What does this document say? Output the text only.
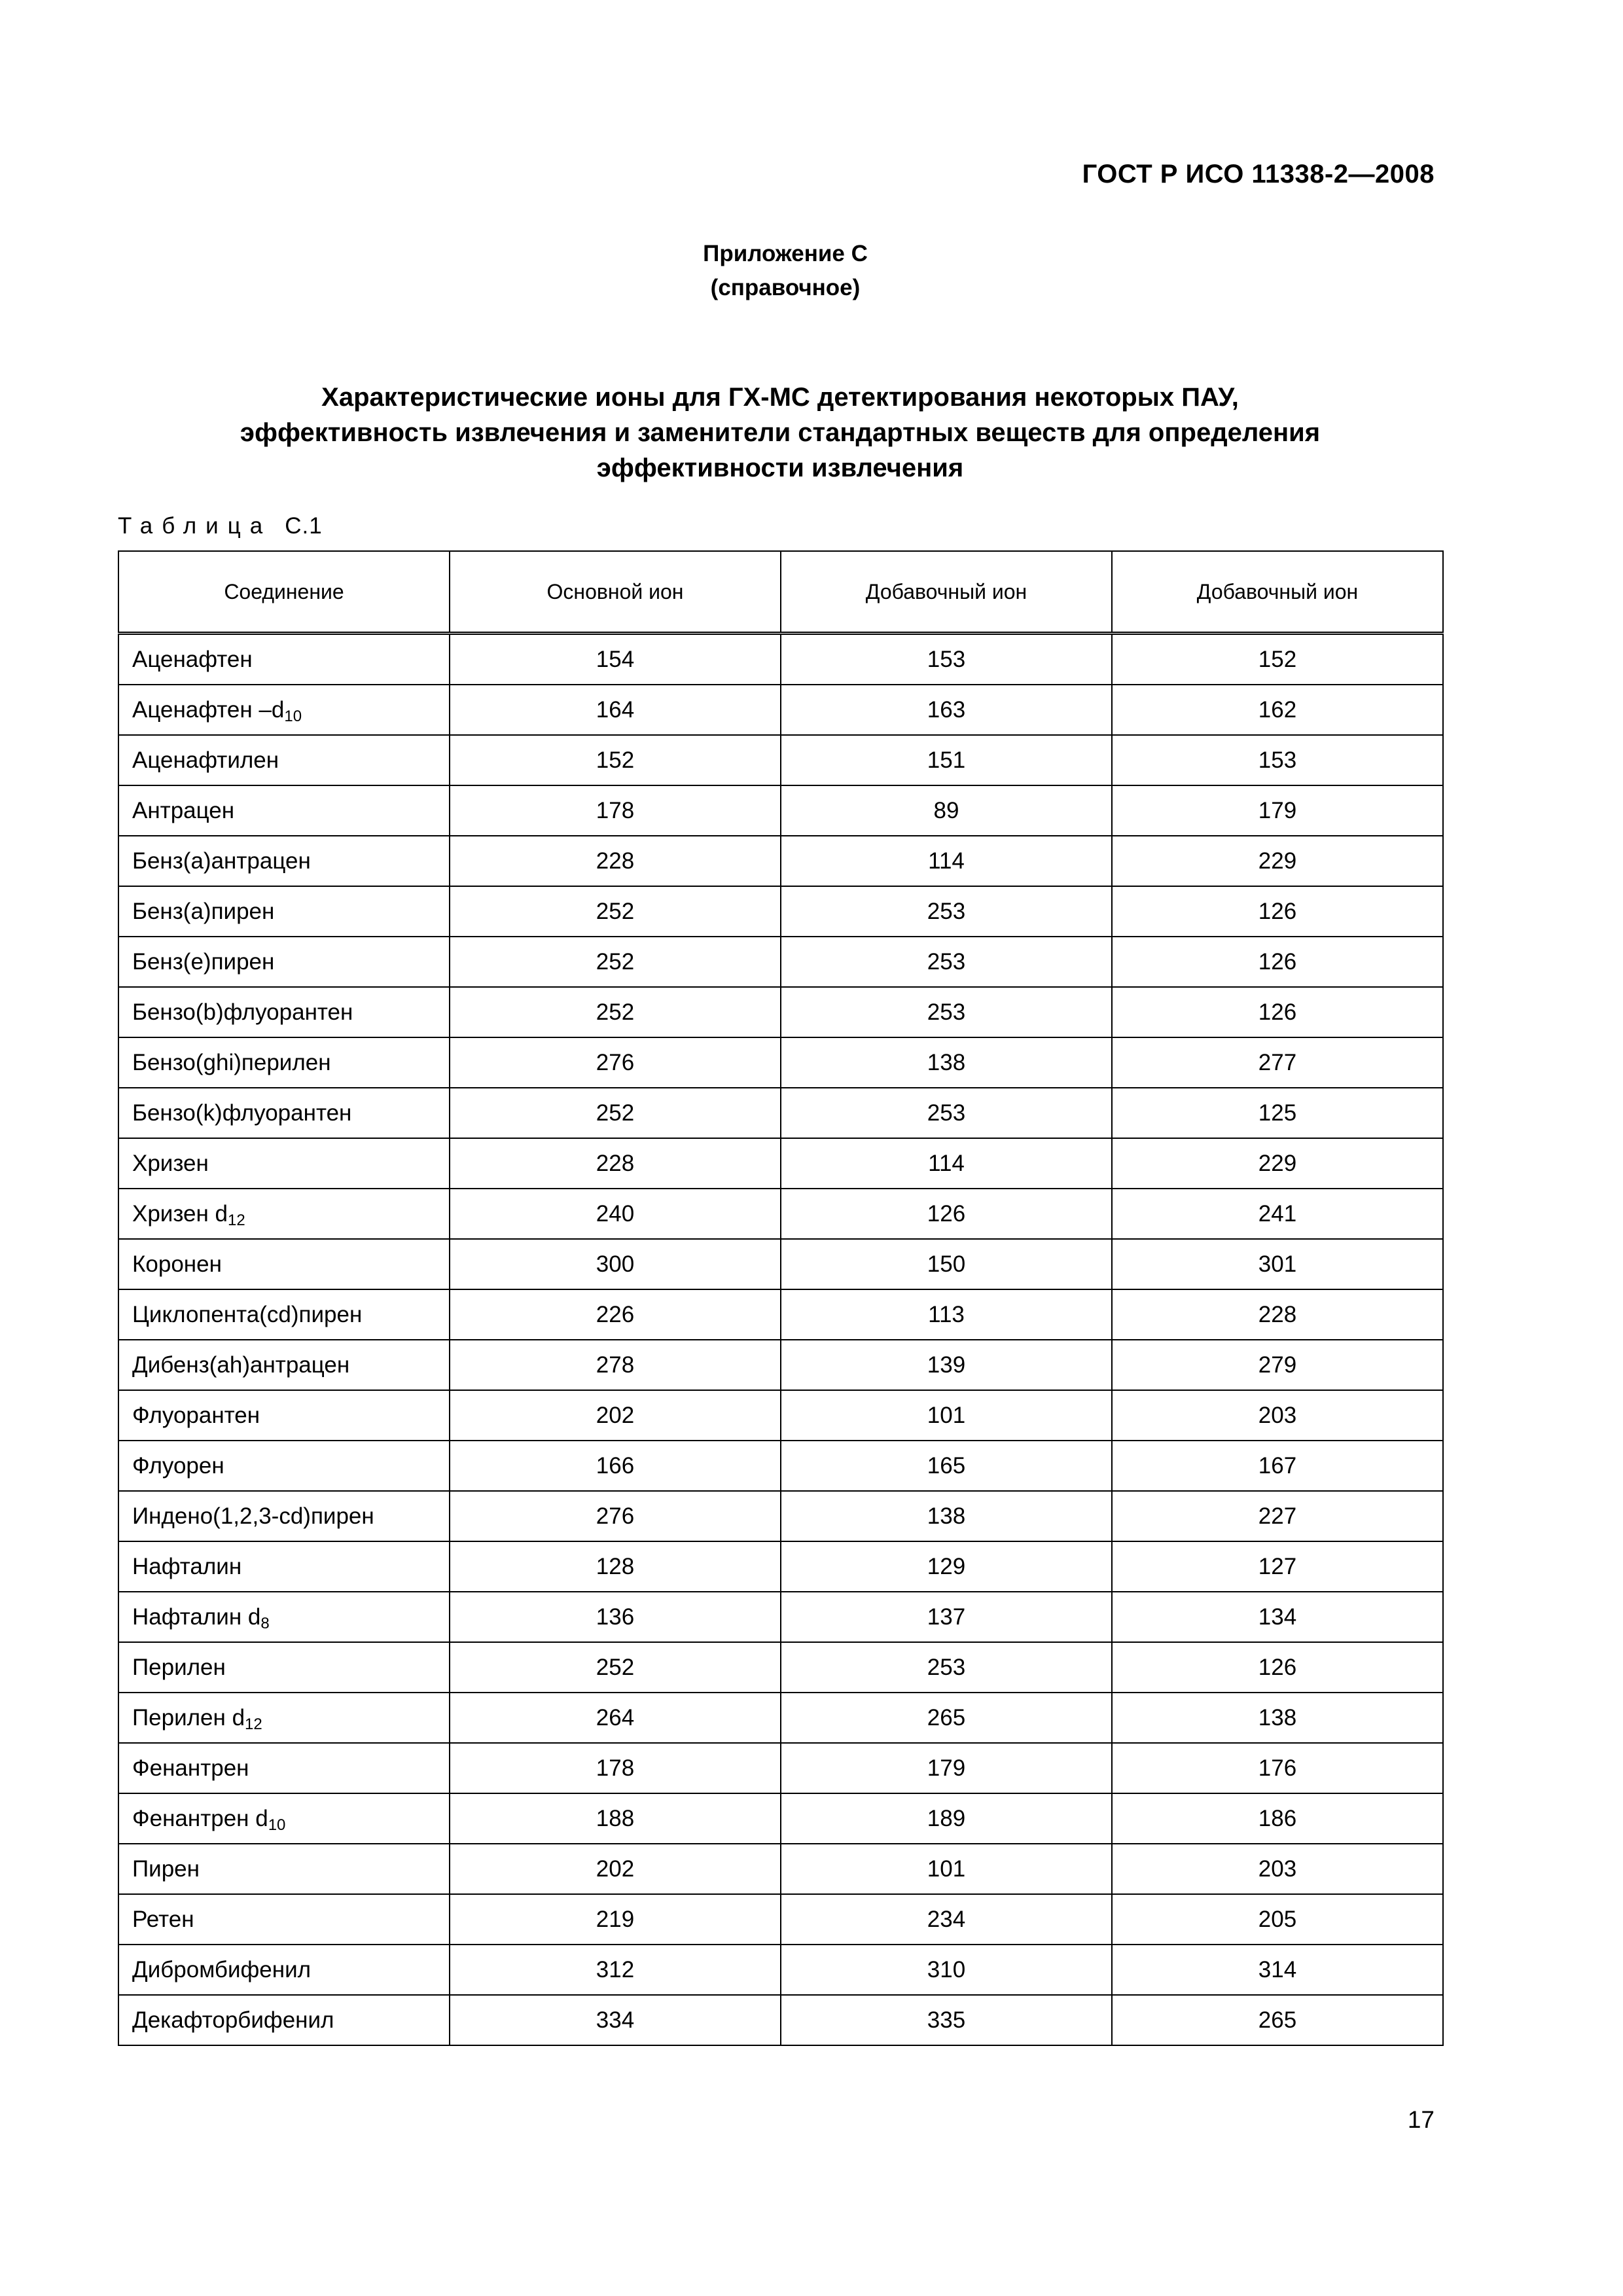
ГОСТ Р ИСО 11338-2—2008

Приложение С
(справочное)

Характеристические ионы для ГХ-МС детектирования некоторых ПАУ,
эффективность извлечения и заменители стандартных веществ для определения
эффективности извлечения

Таблица С.1

Соединение	Основной ион	Добавочный ион	Добавочный ион
Аценафтен	154	153	152
Аценафтен $-d_{10}$	164	163	162
Аценафтилен	152	151	153
Антрацен	178	89	179
Бенз(а)антрацен	228	114	229
Бенз(а)пирен	252	253	126
Бенз(е)пирен	252	253	126
Бензо(b)флуорантен	252	253	126
Бензо(ghi)перилен	276	138	277
Бензо(k)флуорантен	252	253	125
Хризен	228	114	229
Хризен $d_{12}$	240	126	241
Коронен	300	150	301
Циклопента(cd)пирен	226	113	228
Дибенз(ah)антрацен	278	139	279
Флуорантен	202	101	203
Флуорен	166	165	167
Индено(1,2,3-cd)пирен	276	138	227
Нафталин	128	129	127
Нафталин $d_8$	136	137	134
Перилен	252	253	126
Перилен $d_{12}$	264	265	138
Фенантрен	178	179	176
Фенантрен $d_{10}$	188	189	186
Пирен	202	101	203
Ретен	219	234	205
Дибромбифенил	312	310	314
Декафторбифенил	334	335	265

17
